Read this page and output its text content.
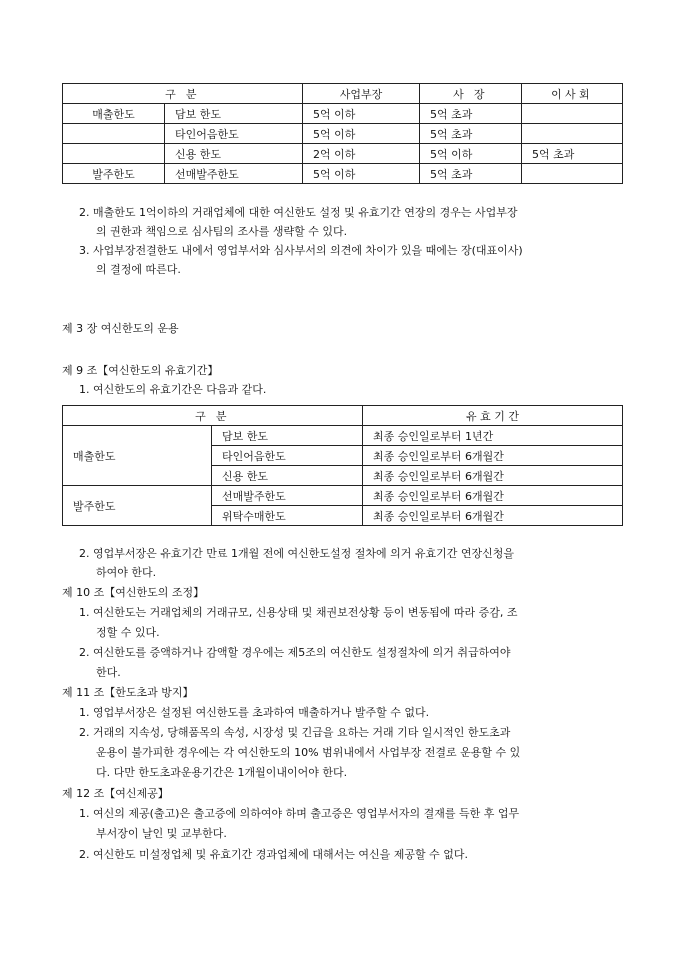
구 분		사업부장	사 장	이사회
매출한도	담보 한도	5억 이하	5억 초과	
	타인어음한도	5억 이하	5억 초과	
	신용 한도	2억 이하	5억 이하	5억 초과
발주한도	선매발주한도	5억 이하	5억 초과	
2. 매출한도 1억이하의 거래업체에 대한 여신한도 설정 및 유효기간 연장의 경우는 사업부장
의 권한과 책임으로 심사팀의 조사를 생략할 수 있다.
3. 사업부장전결한도 내에서 영업부서와 심사부서의 의견에 차이가 있을 때에는 장(대표이사)
의 결정에 따른다.
제 3 장 여신한도의 운용
제 9 조【여신한도의 유효기간】
1. 여신한도의 유효기간은 다음과 같다.
구 분		유 효 기 간
매출한도	담보 한도	최종 승인일로부터 1년간
	타인어음한도	최종 승인일로부터 6개월간
	신용 한도	최종 승인일로부터 6개월간
발주한도	선매발주한도	최종 승인일로부터 6개월간
	위탁수매한도	최종 승인일로부터 6개월간
2. 영업부서장은 유효기간 만료 1개월 전에 여신한도설정 절차에 의거 유효기간 연장신청을
하여야 한다.
제 10 조【여신한도의 조정】
1. 여신한도는 거래업체의 거래규모, 신용상태 및 채권보전상황 등이 변동됨에 따라 증감, 조
정할 수 있다.
2. 여신한도를 증액하거나 감액할 경우에는 제5조의 여신한도 설정절차에 의거 취급하여야
한다.
제 11 조【한도초과 방지】
1. 영업부서장은 설정된 여신한도를 초과하여 매출하거나 발주할 수 없다.
2. 거래의 지속성, 당해품목의 속성, 시장성 및 긴급을 요하는 거래 기타 일시적인 한도초과
운용이 불가피한 경우에는 각 여신한도의 10% 범위내에서 사업부장 전결로 운용할 수 있
다. 다만 한도초과운용기간은 1개월이내이어야 한다.
제 12 조【여신제공】
1. 여신의 제공(출고)은 출고증에 의하여야 하며 출고증은 영업부서자의 결재를 득한 후 업무
부서장이 날인 및 교부한다.
2. 여신한도 미설정업체 및 유효기간 경과업체에 대해서는 여신을 제공할 수 없다.
